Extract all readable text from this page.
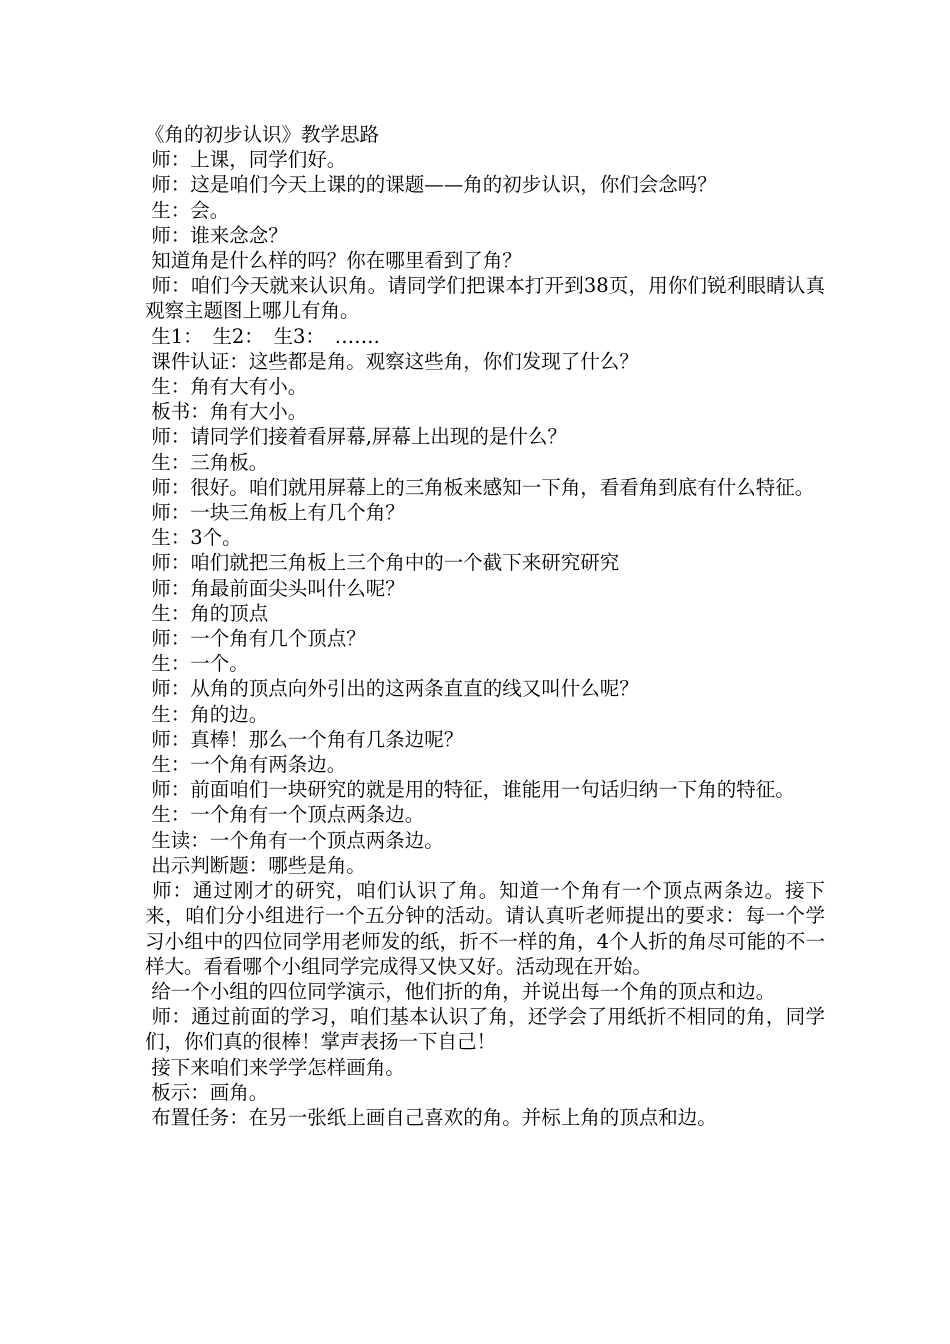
《角的初步认识》教学思路

师：上课，同学们好。

师：这是咱们今天上课的的课题——角的初步认识，你们会念吗？

生：会。

师：谁来念念？

知道角是什么样的吗？你在哪里看到了角？

师：咱们今天就来认识角。请同学们把课本打开到38页，用你们锐利眼睛认真观察主题图上哪儿有角。

生1：　生2：　生3：　…….

课件认证：这些都是角。观察这些角，你们发现了什么？

生：角有大有小。

板书：角有大小。

师：请同学们接着看屏幕,屏幕上出现的是什么？

生：三角板。

师：很好。咱们就用屏幕上的三角板来感知一下角，看看角到底有什么特征。

师：一块三角板上有几个角？

生：3个。

师：咱们就把三角板上三个角中的一个截下来研究研究

师：角最前面尖头叫什么呢？

生：角的顶点

师：一个角有几个顶点？

生：一个。

师：从角的顶点向外引出的这两条直直的线又叫什么呢？

生：角的边。

师：真棒！那么一个角有几条边呢？

生：一个角有两条边。

师：前面咱们一块研究的就是用的特征，谁能用一句话归纳一下角的特征。

生：一个角有一个顶点两条边。

生读：一个角有一个顶点两条边。

出示判断题：哪些是角。

师：通过刚才的研究，咱们认识了角。知道一个角有一个顶点两条边。接下来，咱们分小组进行一个五分钟的活动。请认真听老师提出的要求：每一个学习小组中的四位同学用老师发的纸，折不一样的角，4个人折的角尽可能的不一样大。看看哪个小组同学完成得又快又好。活动现在开始。

给一个小组的四位同学演示，他们折的角，并说出每一个角的顶点和边。

师：通过前面的学习，咱们基本认识了角，还学会了用纸折不相同的角，同学们，你们真的很棒！掌声表扬一下自己！

接下来咱们来学学怎样画角。

板示：画角。

布置任务：在另一张纸上画自己喜欢的角。并标上角的顶点和边。
